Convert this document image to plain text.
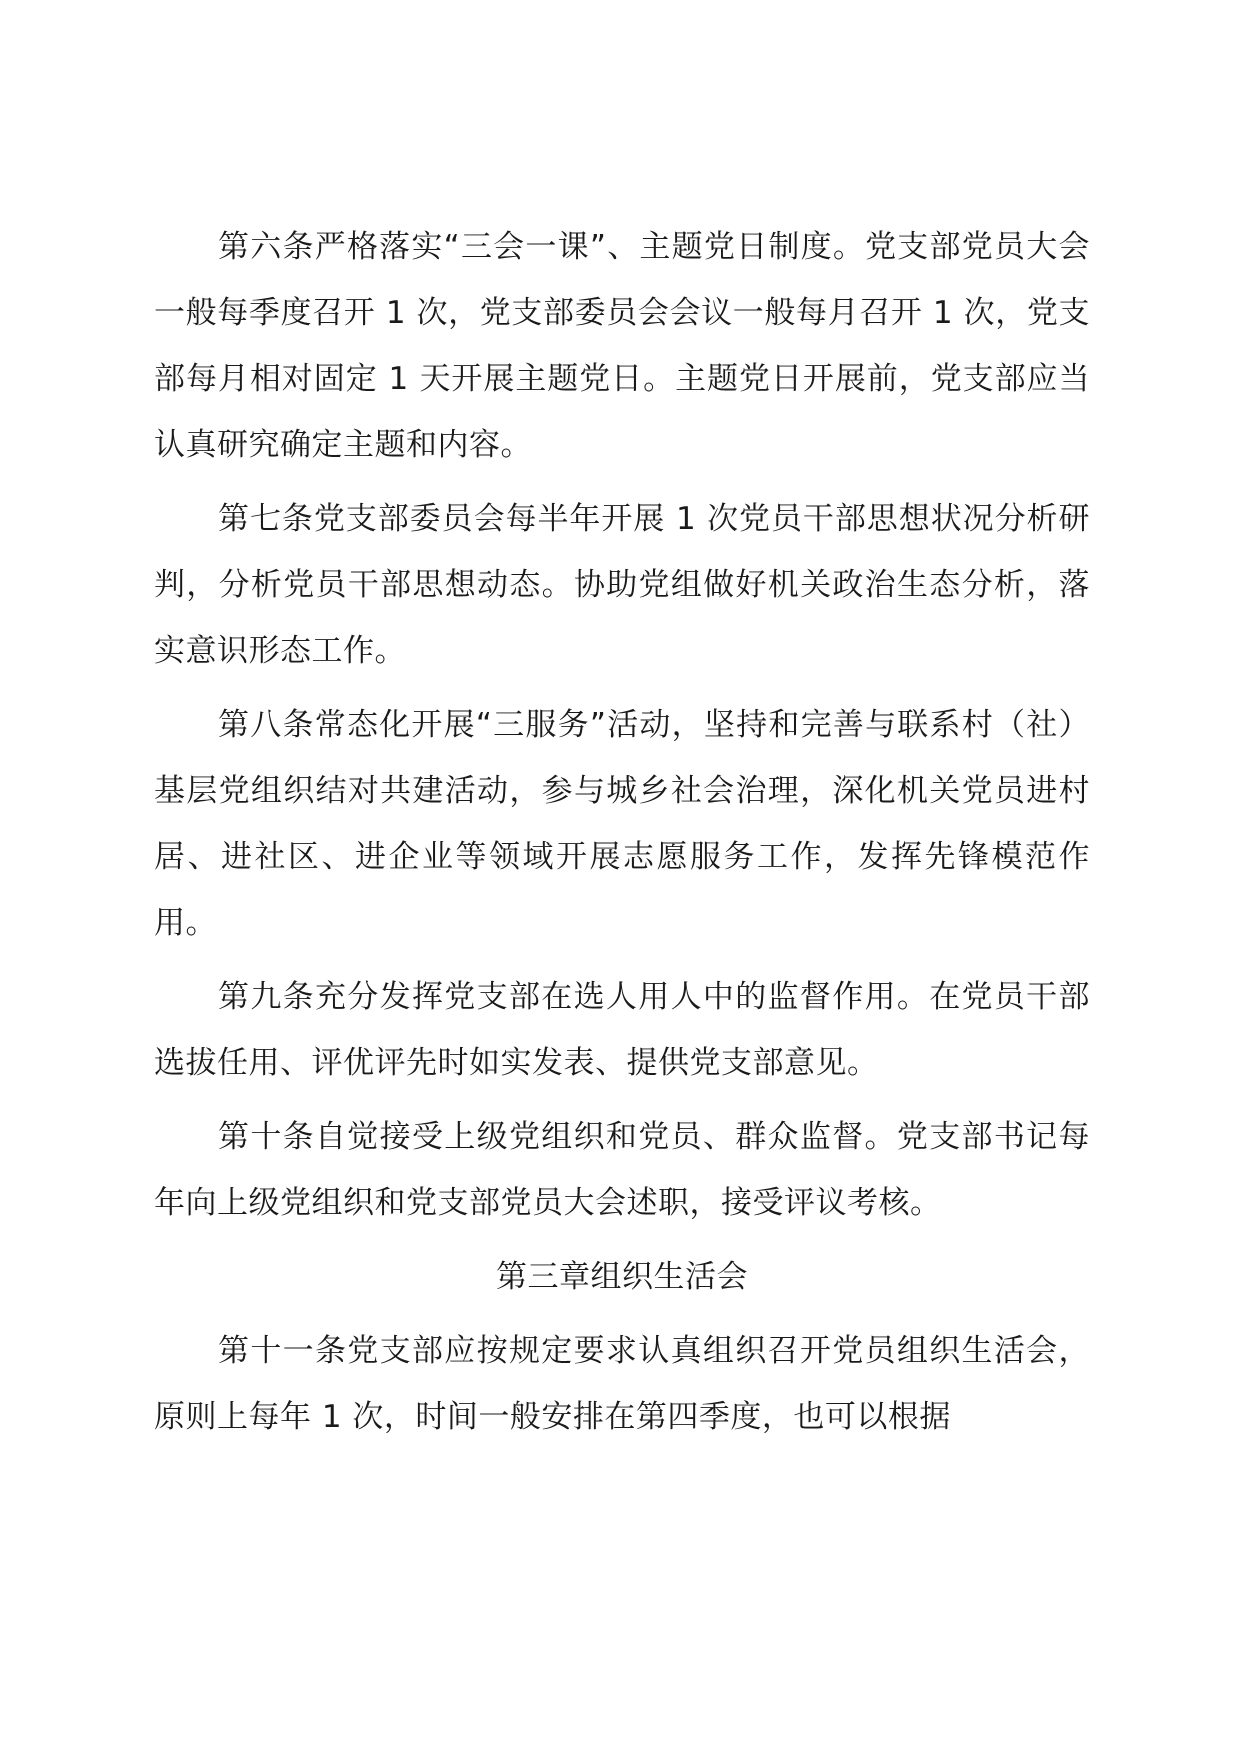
第六条严格落实“三会一课”、主题党日制度。党支部党员大会一般每季度召开 1 次，党支部委员会会议一般每月召开 1 次，党支部每月相对固定 1 天开展主题党日。主题党日开展前，党支部应当认真研究确定主题和内容。

第七条党支部委员会每半年开展 1 次党员干部思想状况分析研判，分析党员干部思想动态。协助党组做好机关政治生态分析，落实意识形态工作。

第八条常态化开展“三服务”活动，坚持和完善与联系村（社）基层党组织结对共建活动，参与城乡社会治理，深化机关党员进村居、进社区、进企业等领域开展志愿服务工作，发挥先锋模范作用。

第九条充分发挥党支部在选人用人中的监督作用。在党员干部选拔任用、评优评先时如实发表、提供党支部意见。

第十条自觉接受上级党组织和党员、群众监督。党支部书记每年向上级党组织和党支部党员大会述职，接受评议考核。

第三章组织生活会

第十一条党支部应按规定要求认真组织召开党员组织生活会，原则上每年 1 次，时间一般安排在第四季度，也可以根据
